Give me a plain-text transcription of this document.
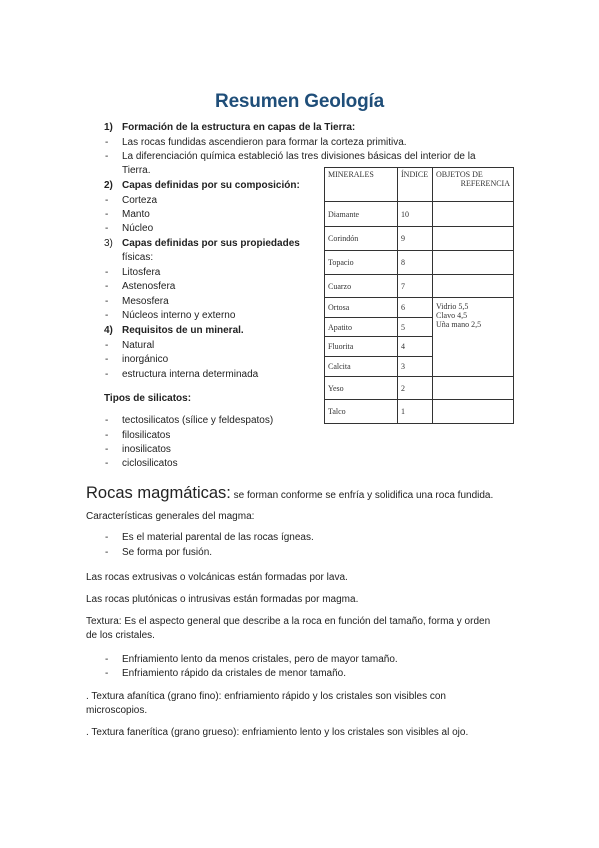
Resumen Geología
1) Formación de la estructura en capas de la Tierra:
- Las rocas fundidas ascendieron para formar la corteza primitiva.
- La diferenciación química estableció las tres divisiones básicas del interior de la
Tierra.
2) Capas definidas por su composición:
- Corteza
- Manto
- Núcleo
3) Capas definidas por sus propiedades
físicas:
- Litosfera
- Astenosfera
- Mesosfera
- Núcleos interno y externo
4) Requisitos de un mineral.
- Natural
- inorgánico
- estructura interna determinada
Tipos de silicatos:
- tectosilicatos (sílice y feldespatos)
- filosilicatos
- inosilicatos
- ciclosilicatos
MINERALES	ÍNDICE	OBJETOS DE
REFERENCIA

Diamante	10	
Corindón	9	
Topacio	8	
Cuarzo	7	
Ortosa	6	Vidrio 5,5
Clavo 4,5
Uña mano 2,5

Apatito	5	
Fluorita	4	
Calcita	3	
Yeso	2	
Talco	1	
Rocas magmáticas: se forman conforme se enfría y solidifica una roca fundida.
Características generales del magma:
- Es el material parental de las rocas ígneas.
- Se forma por fusión.
Las rocas extrusivas o volcánicas están formadas por lava.
Las rocas plutónicas o intrusivas están formadas por magma.
Textura: Es el aspecto general que describe a la roca en función del tamaño, forma y orden
de los cristales.
- Enfriamiento lento da menos cristales, pero de mayor tamaño.
- Enfriamiento rápido da cristales de menor tamaño.
. Textura afanítica (grano fino): enfriamiento rápido y los cristales son visibles con
microscopios.
. Textura fanerítica (grano grueso): enfriamiento lento y los cristales son visibles al ojo.
